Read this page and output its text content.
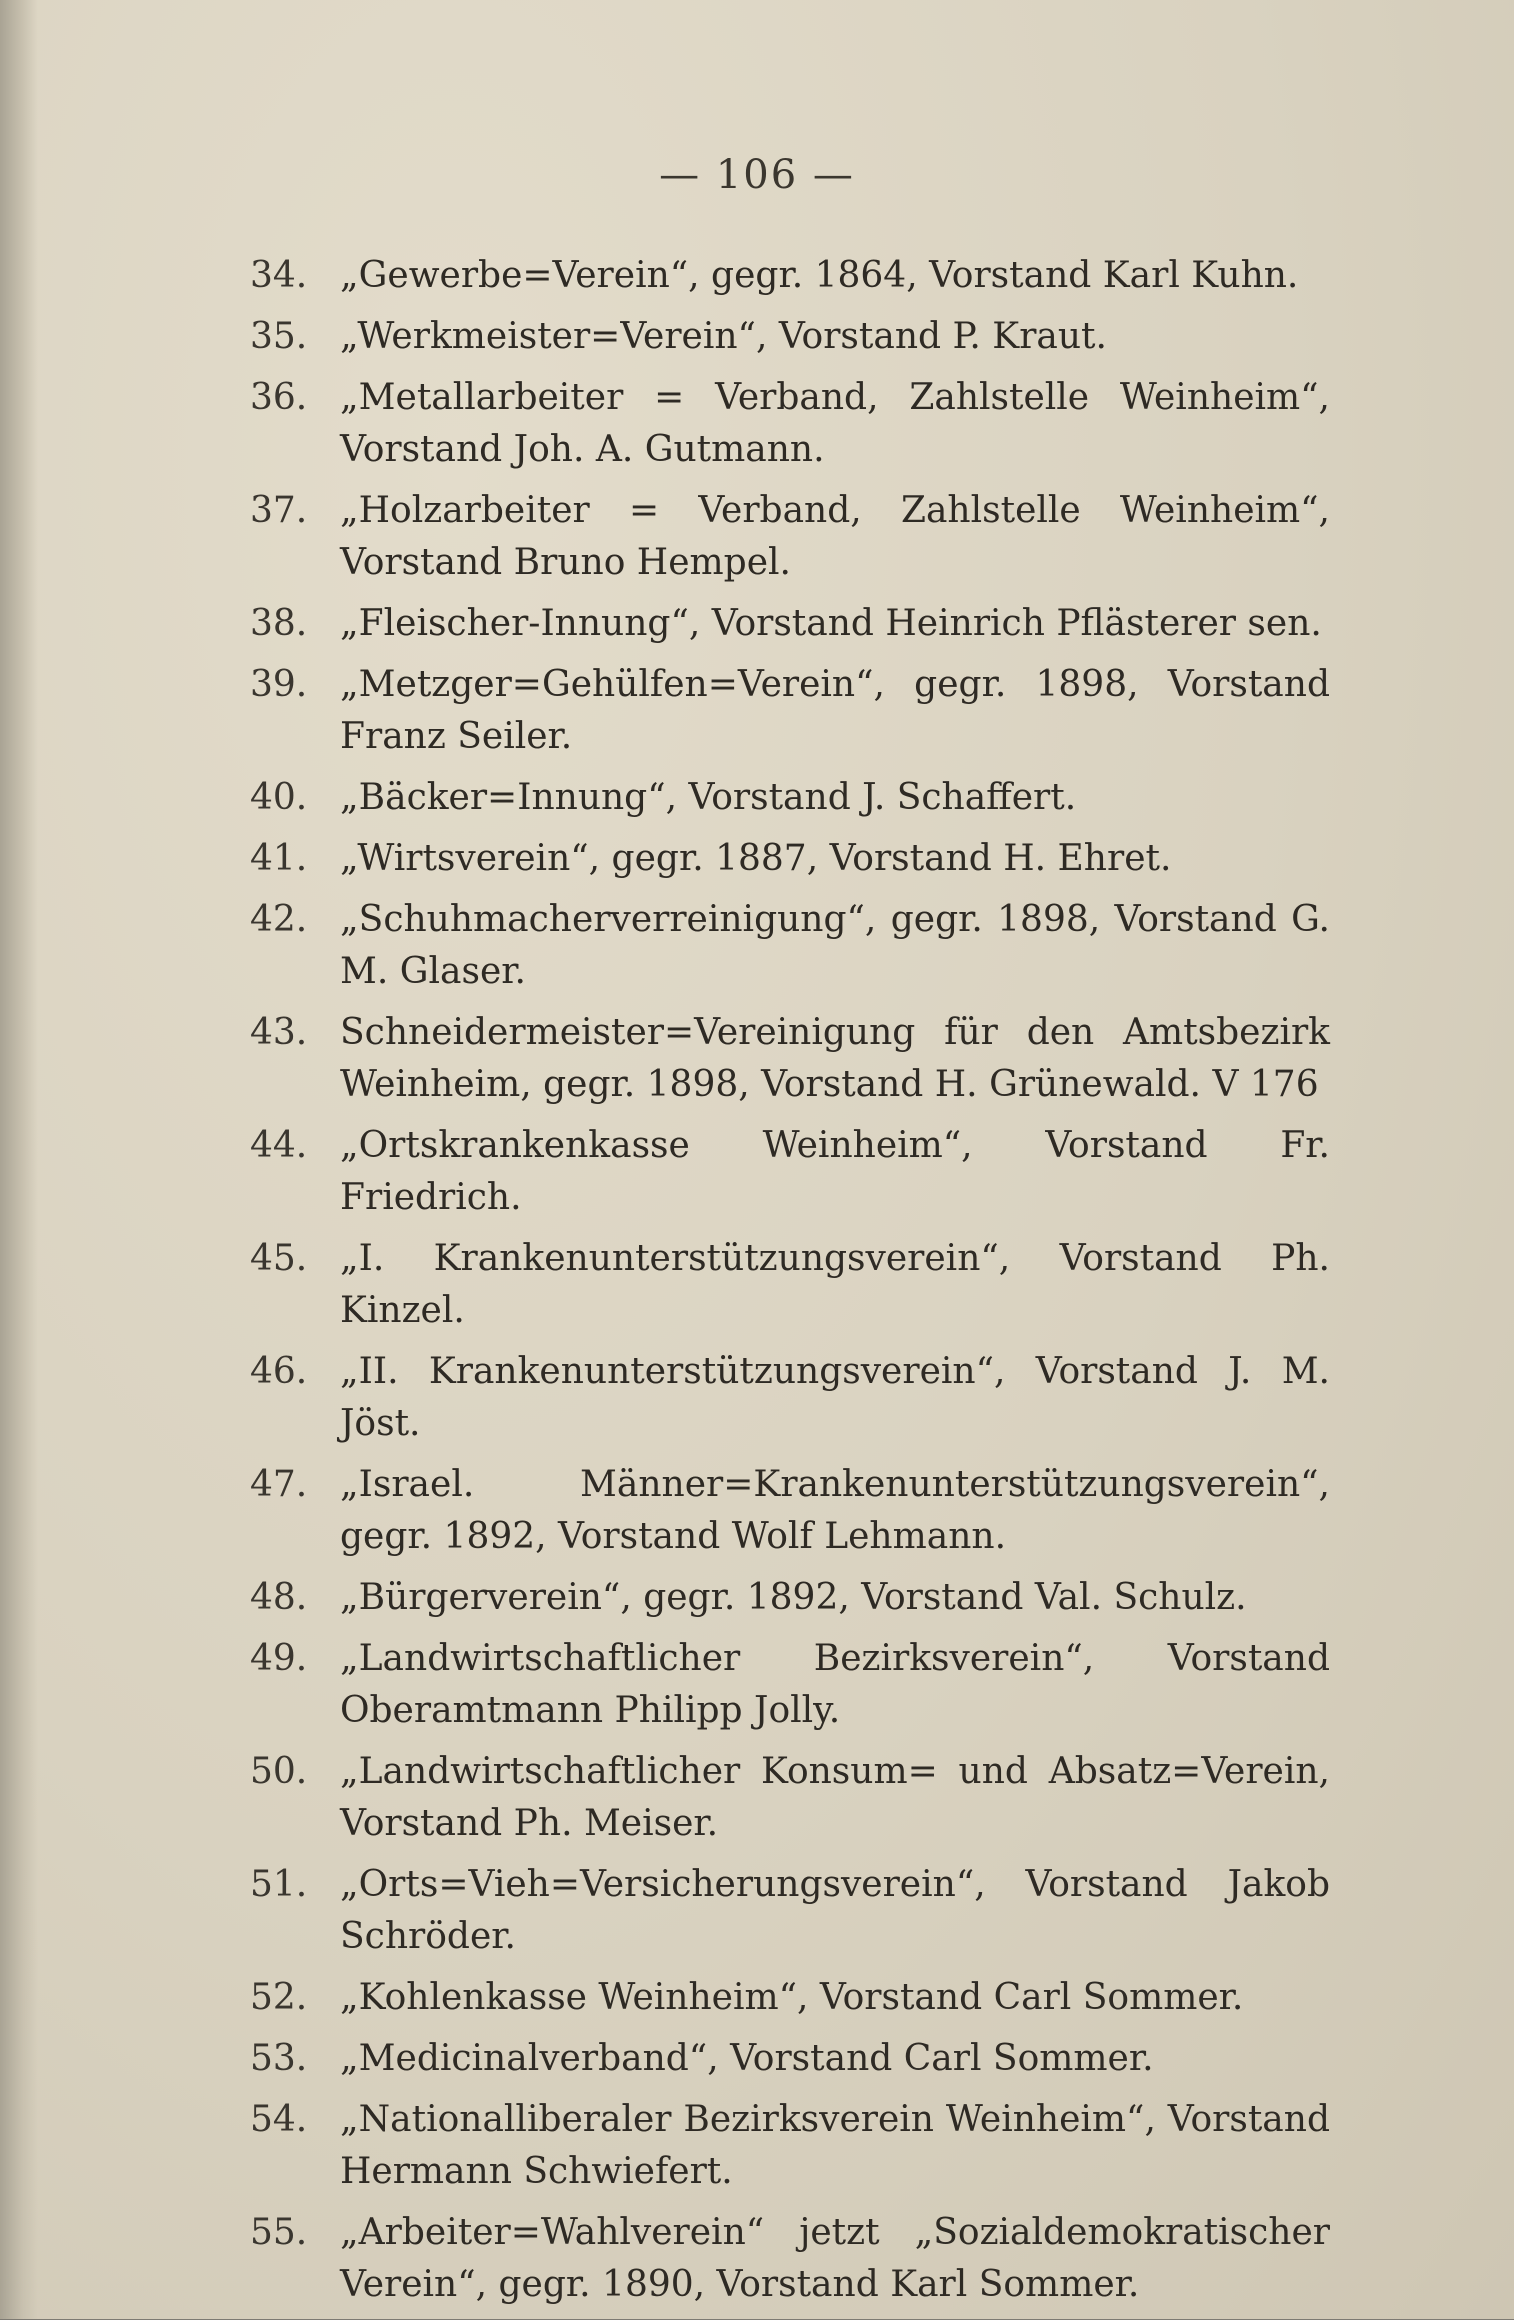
— 106 —
34. „Gewerbe=Verein“, gegr. 1864, Vorstand Karl Kuhn.
35. „Werkmeister=Verein“, Vorstand P. Kraut.
36. „Metallarbeiter = Verband, Zahlstelle Weinheim“, Vorstand Joh. A. Gutmann.
37. „Holzarbeiter = Verband, Zahlstelle Weinheim“, Vorstand Bruno Hempel.
38. „Fleischer-Innung“, Vorstand Heinrich Pflästerer sen.
39. „Metzger=Gehülfen=Verein“, gegr. 1898, Vorstand Franz Seiler.
40. „Bäcker=Innung“, Vorstand J. Schaffert.
41. „Wirtsverein“, gegr. 1887, Vorstand H. Ehret.
42. „Schuhmacherverreinigung“, gegr. 1898, Vorstand G. M. Glaser.
43. Schneidermeister=Vereinigung für den Amtsbezirk Weinheim, gegr. 1898, Vorstand H. Grünewald. V 176
44. „Ortskrankenkasse Weinheim“, Vorstand Fr. Friedrich.
45. „I. Krankenunterstützungsverein“, Vorstand Ph. Kinzel.
46. „II. Krankenunterstützungsverein“, Vorstand J. M. Jöst.
47. „Israel. Männer=Krankenunterstützungsverein“, gegr. 1892, Vorstand Wolf Lehmann.
48. „Bürgerverein“, gegr. 1892, Vorstand Val. Schulz.
49. „Landwirtschaftlicher Bezirksverein“, Vorstand Oberamtmann Philipp Jolly.
50. „Landwirtschaftlicher Konsum= und Absatz=Verein, Vorstand Ph. Meiser.
51. „Orts=Vieh=Versicherungsverein“, Vorstand Jakob Schröder.
52. „Kohlenkasse Weinheim“, Vorstand Carl Sommer.
53. „Medicinalverband“, Vorstand Carl Sommer.
54. „Nationalliberaler Bezirksverein Weinheim“, Vorstand Hermann Schwiefert.
55. „Arbeiter=Wahlverein“ jetzt „Sozialdemokratischer Verein“, gegr. 1890, Vorstand Karl Sommer.
